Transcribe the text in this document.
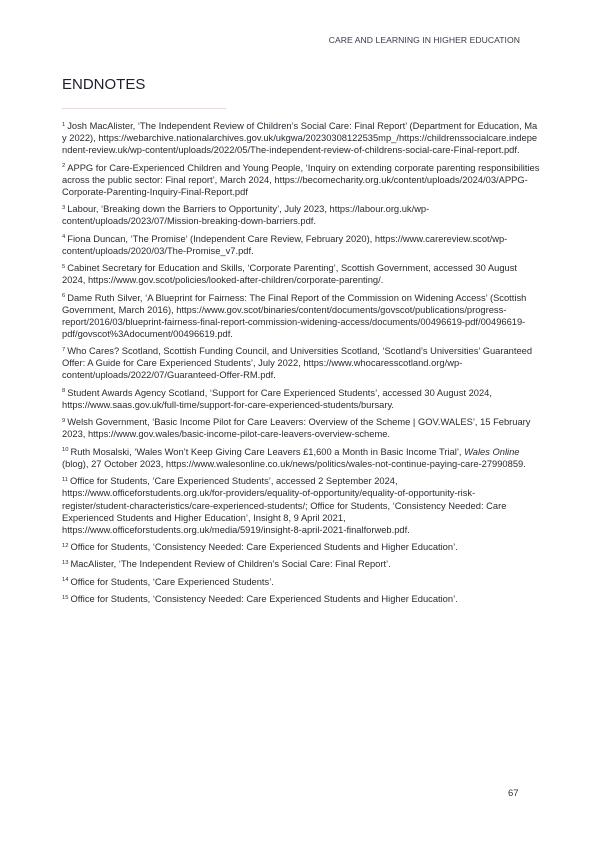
CARE AND LEARNING IN HIGHER EDUCATION
ENDNOTES

$^1$ Josh MacAlister, ‘The Independent Review of Children’s Social Care: Final Report’ (Department for Education, May 2022), https://webarchive.nationalarchives.gov.uk/ukgwa/20230308122535mp_/https://childrenssocialcare.independent-review.uk/wp-content/uploads/2022/05/The-independent-review-of-childrens-social-care-Final-report.pdf.

$^2$ APPG for Care-Experienced Children and Young People, ‘Inquiry on extending corporate parenting responsibilities across the public sector: Final report’, March 2024, https://becomecharity.org.uk/content/uploads/2024/03/APPG-Corporate-Parenting-Inquiry-Final-Report.pdf

$^3$ Labour, ‘Breaking down the Barriers to Opportunity’, July 2023, https://labour.org.uk/wp-content/uploads/2023/07/Mission-breaking-down-barriers.pdf.

$^4$ Fiona Duncan, ‘The Promise’ (Independent Care Review, February 2020), https://www.carereview.scot/wp-content/uploads/2020/03/The-Promise_v7.pdf.

$^5$ Cabinet Secretary for Education and Skills, ‘Corporate Parenting’, Scottish Government, accessed 30 August 2024, https://www.gov.scot/policies/looked-after-children/corporate-parenting/.

$^6$ Dame Ruth Silver, ‘A Blueprint for Fairness: The Final Report of the Commission on Widening Access’ (Scottish Government, March 2016), https://www.gov.scot/binaries/content/documents/govscot/publications/progress-report/2016/03/blueprint-fairness-final-report-commission-widening-access/documents/00496619-pdf/00496619-pdf/govscot%3Adocument/00496619.pdf.

$^7$ Who Cares? Scotland, Scottish Funding Council, and Universities Scotland, ‘Scotland’s Universities’ Guaranteed Offer: A Guide for Care Experienced Students’, July 2022, https://www.whocaresscotland.org/wp-content/uploads/2022/07/Guaranteed-Offer-RM.pdf.

$^8$ Student Awards Agency Scotland, ‘Support for Care Experienced Students’, accessed 30 August 2024, https://www.saas.gov.uk/full-time/support-for-care-experienced-students/bursary.

$^9$ Welsh Government, ‘Basic Income Pilot for Care Leavers: Overview of the Scheme | GOV.WALES’, 15 February 2023, https://www.gov.wales/basic-income-pilot-care-leavers-overview-scheme.

$^{10}$ Ruth Mosalski, ‘Wales Won’t Keep Giving Care Leavers £1,600 a Month in Basic Income Trial’, Wales Online (blog), 27 October 2023, https://www.walesonline.co.uk/news/politics/wales-not-continue-paying-care-27990859.

$^{11}$ Office for Students, ‘Care Experienced Students’, accessed 2 September 2024, https://www.officeforstudents.org.uk/for-providers/equality-of-opportunity/equality-of-opportunity-risk-register/student-characteristics/care-experienced-students/; Office for Students, ‘Consistency Needed: Care Experienced Students and Higher Education’, Insight 8, 9 April 2021, https://www.officeforstudents.org.uk/media/5919/insight-8-april-2021-finalforweb.pdf.

$^{12}$ Office for Students, ‘Consistency Needed: Care Experienced Students and Higher Education’.

$^{13}$ MacAlister, ‘The Independent Review of Children’s Social Care: Final Report’.

$^{14}$ Office for Students, ‘Care Experienced Students’.

$^{15}$ Office for Students, ‘Consistency Needed: Care Experienced Students and Higher Education’.

67
